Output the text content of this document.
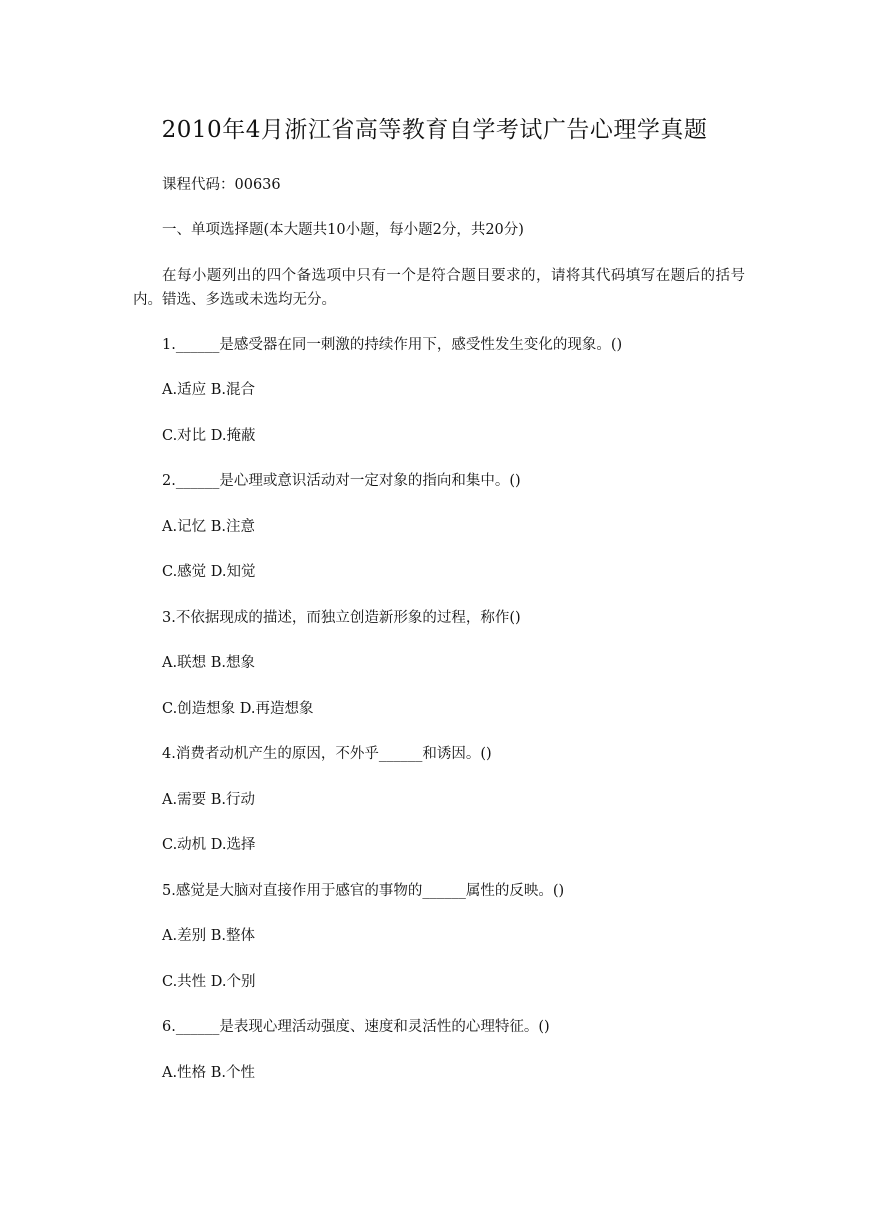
2010年4月浙江省高等教育自学考试广告心理学真题
课程代码：00636
一、单项选择题(本大题共10小题，每小题2分，共20分)
在每小题列出的四个备选项中只有一个是符合题目要求的，请将其代码填写在题后的括号内。错选、多选或未选均无分。
1.______是感受器在同一刺激的持续作用下，感受性发生变化的现象。()
A.适应 B.混合
C.对比 D.掩蔽
2.______是心理或意识活动对一定对象的指向和集中。()
A.记忆 B.注意
C.感觉 D.知觉
3.不依据现成的描述，而独立创造新形象的过程，称作()
A.联想 B.想象
C.创造想象 D.再造想象
4.消费者动机产生的原因，不外乎______和诱因。()
A.需要 B.行动
C.动机 D.选择
5.感觉是大脑对直接作用于感官的事物的______属性的反映。()
A.差别 B.整体
C.共性 D.个别
6.______是表现心理活动强度、速度和灵活性的心理特征。()
A.性格 B.个性
